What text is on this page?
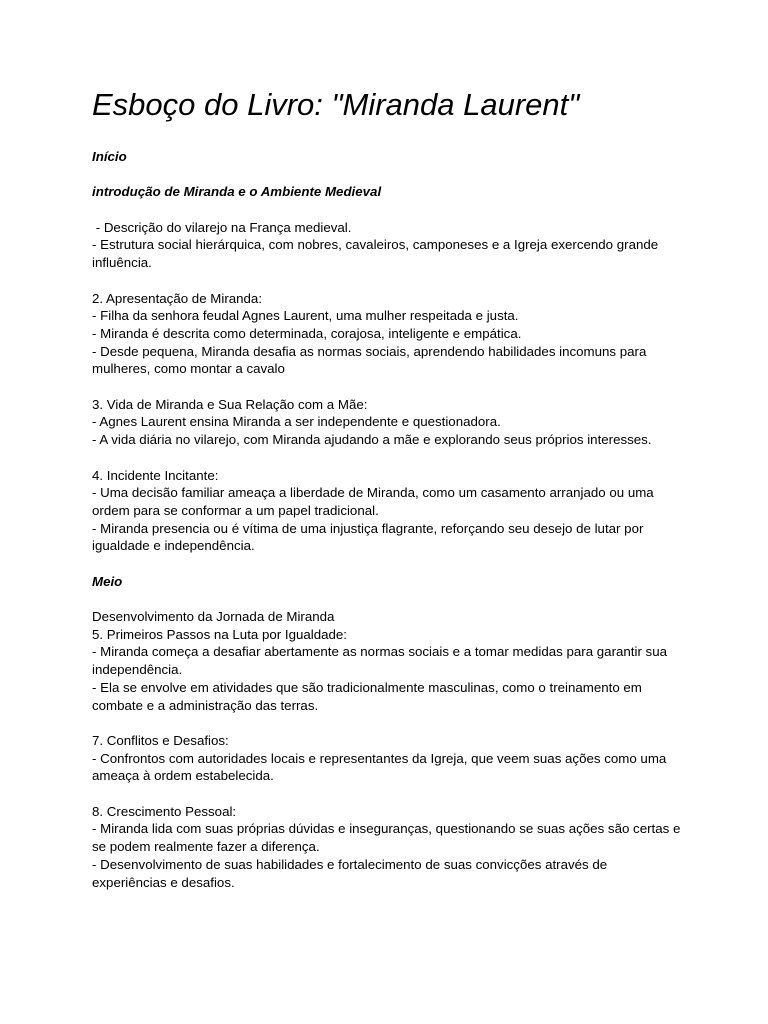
Esboço do Livro: "Miranda Laurent"

Início

introdução de Miranda e o Ambiente Medieval

- Descrição do vilarejo na França medieval.

- Estrutura social hierárquica, com nobres, cavaleiros, camponeses e a Igreja exercendo grande influência.

2. Apresentação de Miranda:

- Filha da senhora feudal Agnes Laurent, uma mulher respeitada e justa.

- Miranda é descrita como determinada, corajosa, inteligente e empática.

- Desde pequena, Miranda desafia as normas sociais, aprendendo habilidades incomuns para mulheres, como montar a cavalo

3. Vida de Miranda e Sua Relação com a Mãe:

- Agnes Laurent ensina Miranda a ser independente e questionadora.

- A vida diária no vilarejo, com Miranda ajudando a mãe e explorando seus próprios interesses.

4. Incidente Incitante:

- Uma decisão familiar ameaça a liberdade de Miranda, como um casamento arranjado ou uma ordem para se conformar a um papel tradicional.

- Miranda presencia ou é vítima de uma injustiça flagrante, reforçando seu desejo de lutar por igualdade e independência.

Meio

Desenvolvimento da Jornada de Miranda

5. Primeiros Passos na Luta por Igualdade:

- Miranda começa a desafiar abertamente as normas sociais e a tomar medidas para garantir sua independência.

- Ela se envolve em atividades que são tradicionalmente masculinas, como o treinamento em combate e a administração das terras.

7. Conflitos e Desafios:

- Confrontos com autoridades locais e representantes da Igreja, que veem suas ações como uma ameaça à ordem estabelecida.

8. Crescimento Pessoal:

- Miranda lida com suas próprias dúvidas e inseguranças, questionando se suas ações são certas e se podem realmente fazer a diferença.

- Desenvolvimento de suas habilidades e fortalecimento de suas convicções através de experiências e desafios.
